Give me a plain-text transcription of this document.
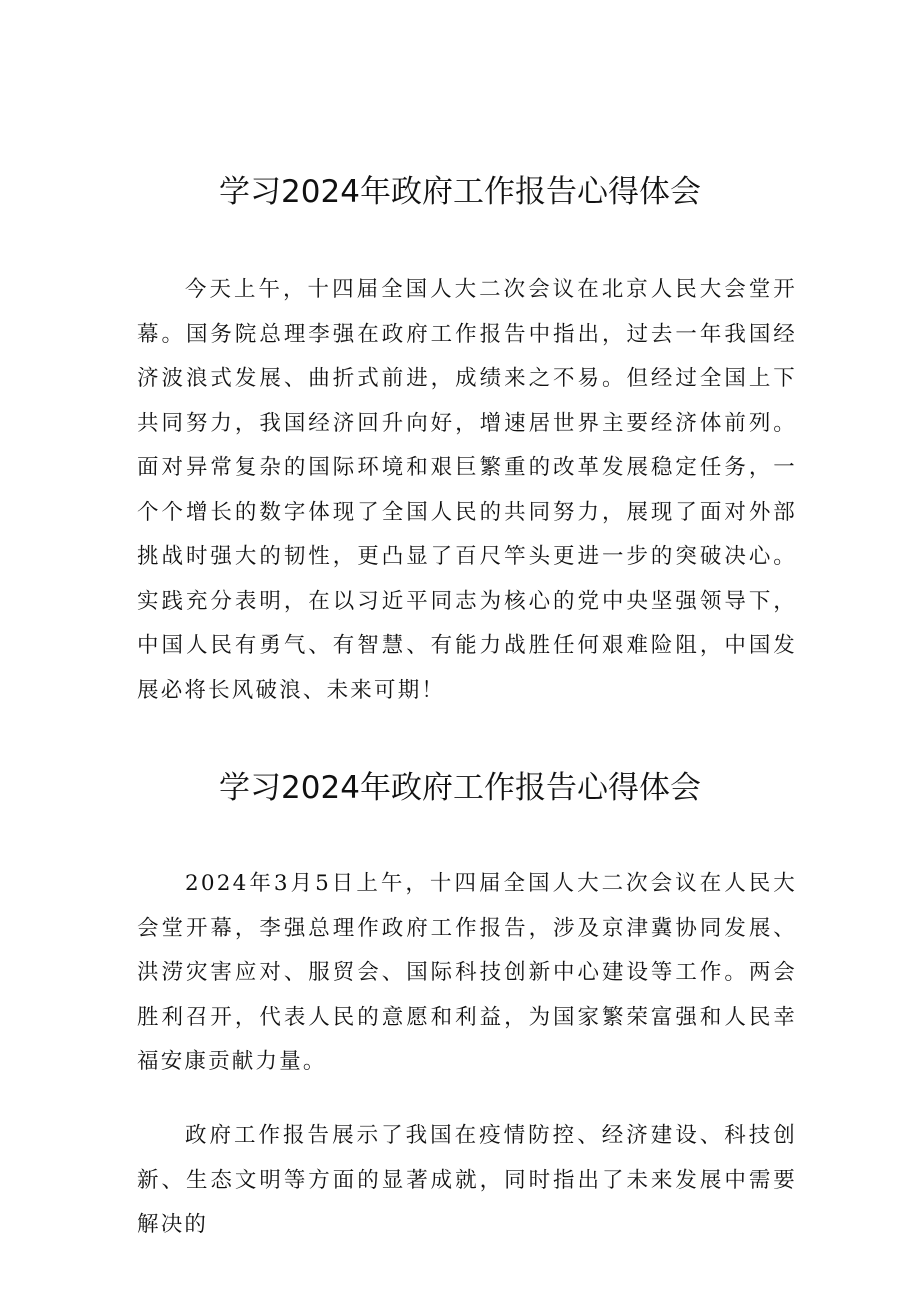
学习2024年政府工作报告心得体会

今天上午，十四届全国人大二次会议在北京人民大会堂开幕。国务院总理李强在政府工作报告中指出，过去一年我国经济波浪式发展、曲折式前进，成绩来之不易。但经过全国上下共同努力，我国经济回升向好，增速居世界主要经济体前列。面对异常复杂的国际环境和艰巨繁重的改革发展稳定任务，一个个增长的数字体现了全国人民的共同努力，展现了面对外部挑战时强大的韧性，更凸显了百尺竿头更进一步的突破决心。实践充分表明，在以习近平同志为核心的党中央坚强领导下，中国人民有勇气、有智慧、有能力战胜任何艰难险阻，中国发展必将长风破浪、未来可期！

学习2024年政府工作报告心得体会

2024年3月5日上午，十四届全国人大二次会议在人民大会堂开幕，李强总理作政府工作报告，涉及京津冀协同发展、洪涝灾害应对、服贸会、国际科技创新中心建设等工作。两会胜利召开，代表人民的意愿和利益，为国家繁荣富强和人民幸福安康贡献力量。

政府工作报告展示了我国在疫情防控、经济建设、科技创新、生态文明等方面的显著成就，同时指出了未来发展中需要解决的
